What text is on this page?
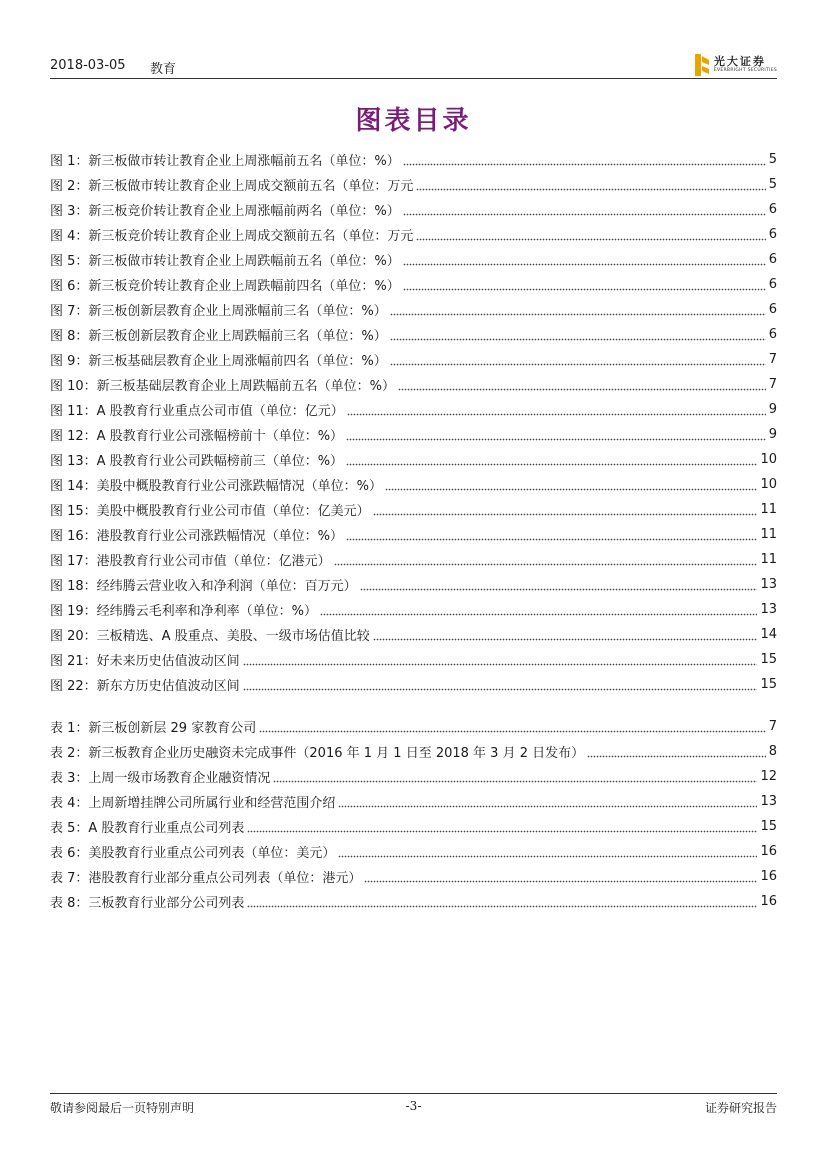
2018-03-05 教育
光大证券
EVERBRIGHT SECURITIES
图表目录
图 1：新三板做市转让教育企业上周涨幅前五名（单位：%）	5
图 2：新三板做市转让教育企业上周成交额前五名（单位：万元	5
图 3：新三板竞价转让教育企业上周涨幅前两名（单位：%）	6
图 4：新三板竞价转让教育企业上周成交额前五名（单位：万元	6
图 5：新三板做市转让教育企业上周跌幅前五名（单位：%）	6
图 6：新三板竞价转让教育企业上周跌幅前四名（单位：%）	6
图 7：新三板创新层教育企业上周涨幅前三名（单位：%）	6
图 8：新三板创新层教育企业上周跌幅前三名（单位：%）	6
图 9：新三板基础层教育企业上周涨幅前四名（单位：%）	7
图 10：新三板基础层教育企业上周跌幅前五名（单位：%）	7
图 11：A 股教育行业重点公司市值（单位：亿元）	9
图 12：A 股教育行业公司涨幅榜前十（单位：%）	9
图 13：A 股教育行业公司跌幅榜前三（单位：%）	10
图 14：美股中概股教育行业公司涨跌幅情况（单位：%）	10
图 15：美股中概股教育行业公司市值（单位：亿美元）	11
图 16：港股教育行业公司涨跌幅情况（单位：%）	11
图 17：港股教育行业公司市值（单位：亿港元）	11
图 18：经纬腾云营业收入和净利润（单位：百万元）	13
图 19：经纬腾云毛利率和净利率（单位：%）	13
图 20：三板精选、A 股重点、美股、一级市场估值比较	14
图 21：好未来历史估值波动区间	15
图 22：新东方历史估值波动区间	15
表 1：新三板创新层 29 家教育公司	7
表 2：新三板教育企业历史融资未完成事件（2016 年 1 月 1 日至 2018 年 3 月 2 日发布）	8
表 3：上周一级市场教育企业融资情况	12
表 4：上周新增挂牌公司所属行业和经营范围介绍	13
表 5：A 股教育行业重点公司列表	15
表 6：美股教育行业重点公司列表（单位：美元）	16
表 7：港股教育行业部分重点公司列表（单位：港元）	16
表 8：三板教育行业部分公司列表	16
敬请参阅最后一页特别声明	-3-	证券研究报告
